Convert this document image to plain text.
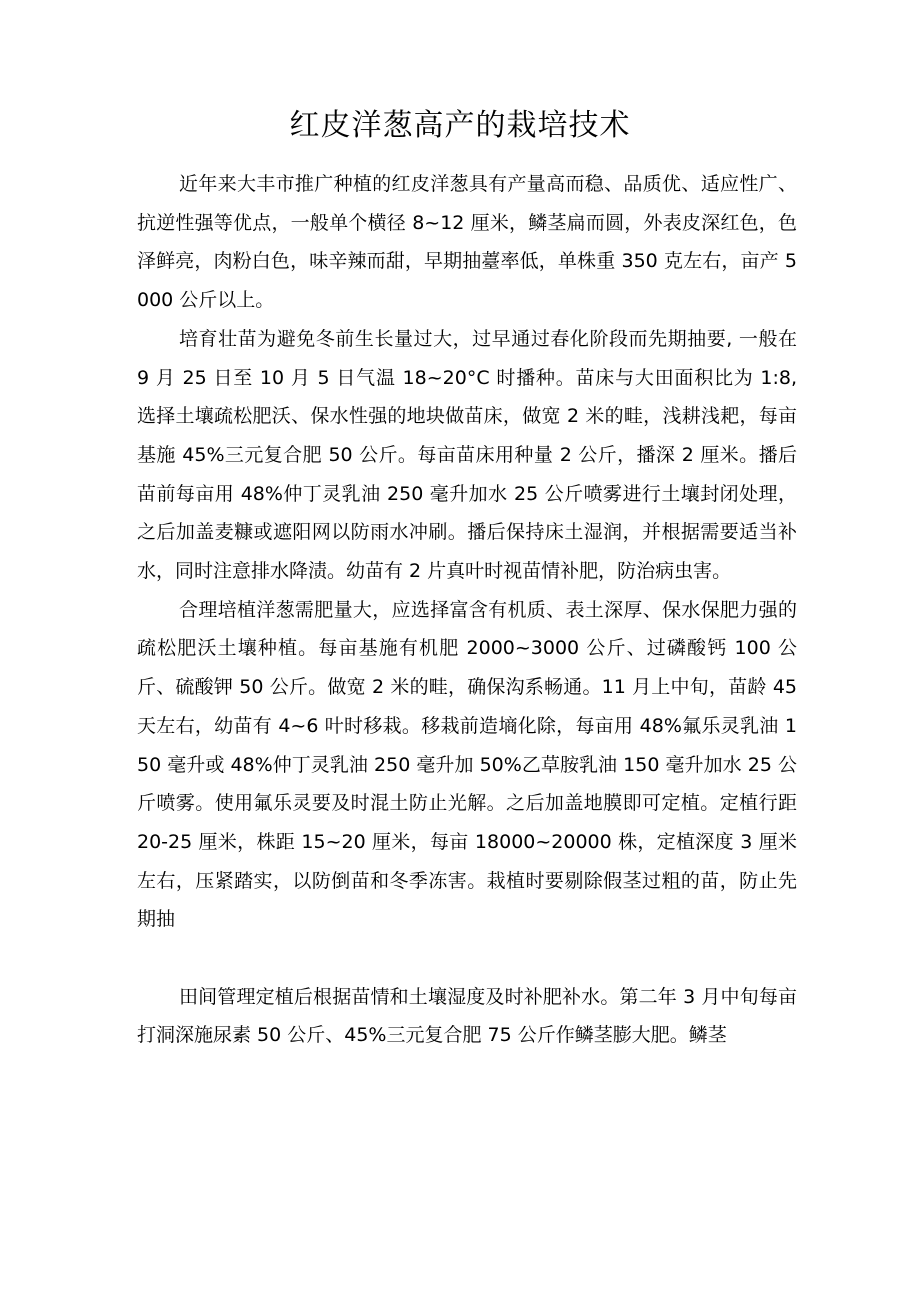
红皮洋葱高产的栽培技术

近年来大丰市推广种植的红皮洋葱具有产量高而稳、品质优、适应性广、抗逆性强等优点，一般单个横径 8~12 厘米，鳞茎扁而圆，外表皮深红色，色泽鲜亮，肉粉白色，味辛辣而甜，早期抽薹率低，单株重 350 克左右，亩产 5000 公斤以上。

培育壮苗为避免冬前生长量过大，过早通过春化阶段而先期抽要, 一般在 9 月 25 日至 10 月 5 日气温 18~20°C 时播种。苗床与大田面积比为 1:8, 选择土壤疏松肥沃、保水性强的地块做苗床，做宽 2 米的畦，浅耕浅耙，每亩基施 45%三元复合肥 50 公斤。每亩苗床用种量 2 公斤，播深 2 厘米。播后苗前每亩用 48%仲丁灵乳油 250 毫升加水 25 公斤喷雾进行土壤封闭处理，之后加盖麦糠或遮阳网以防雨水冲刷。播后保持床土湿润，并根据需要适当补水，同时注意排水降渍。幼苗有 2 片真叶时视苗情补肥，防治病虫害。

合理培植洋葱需肥量大，应选择富含有机质、表土深厚、保水保肥力强的疏松肥沃土壤种植。每亩基施有机肥 2000~3000 公斤、过磷酸钙 100 公斤、硫酸钾 50 公斤。做宽 2 米的畦，确保沟系畅通。11 月上中旬，苗龄 45 天左右，幼苗有 4~6 叶时移栽。移栽前造墒化除，每亩用 48%氟乐灵乳油 150 毫升或 48%仲丁灵乳油 250 毫升加 50%乙草胺乳油 150 毫升加水 25 公斤喷雾。使用氟乐灵要及时混土防止光解。之后加盖地膜即可定植。定植行距 20-25 厘米，株距 15~20 厘米，每亩 18000~20000 株，定植深度 3 厘米左右，压紧踏实，以防倒苗和冬季冻害。栽植时要剔除假茎过粗的苗，防止先期抽

田间管理定植后根据苗情和土壤湿度及时补肥补水。第二年 3 月中旬每亩打洞深施尿素 50 公斤、45%三元复合肥 75 公斤作鳞茎膨大肥。鳞茎
